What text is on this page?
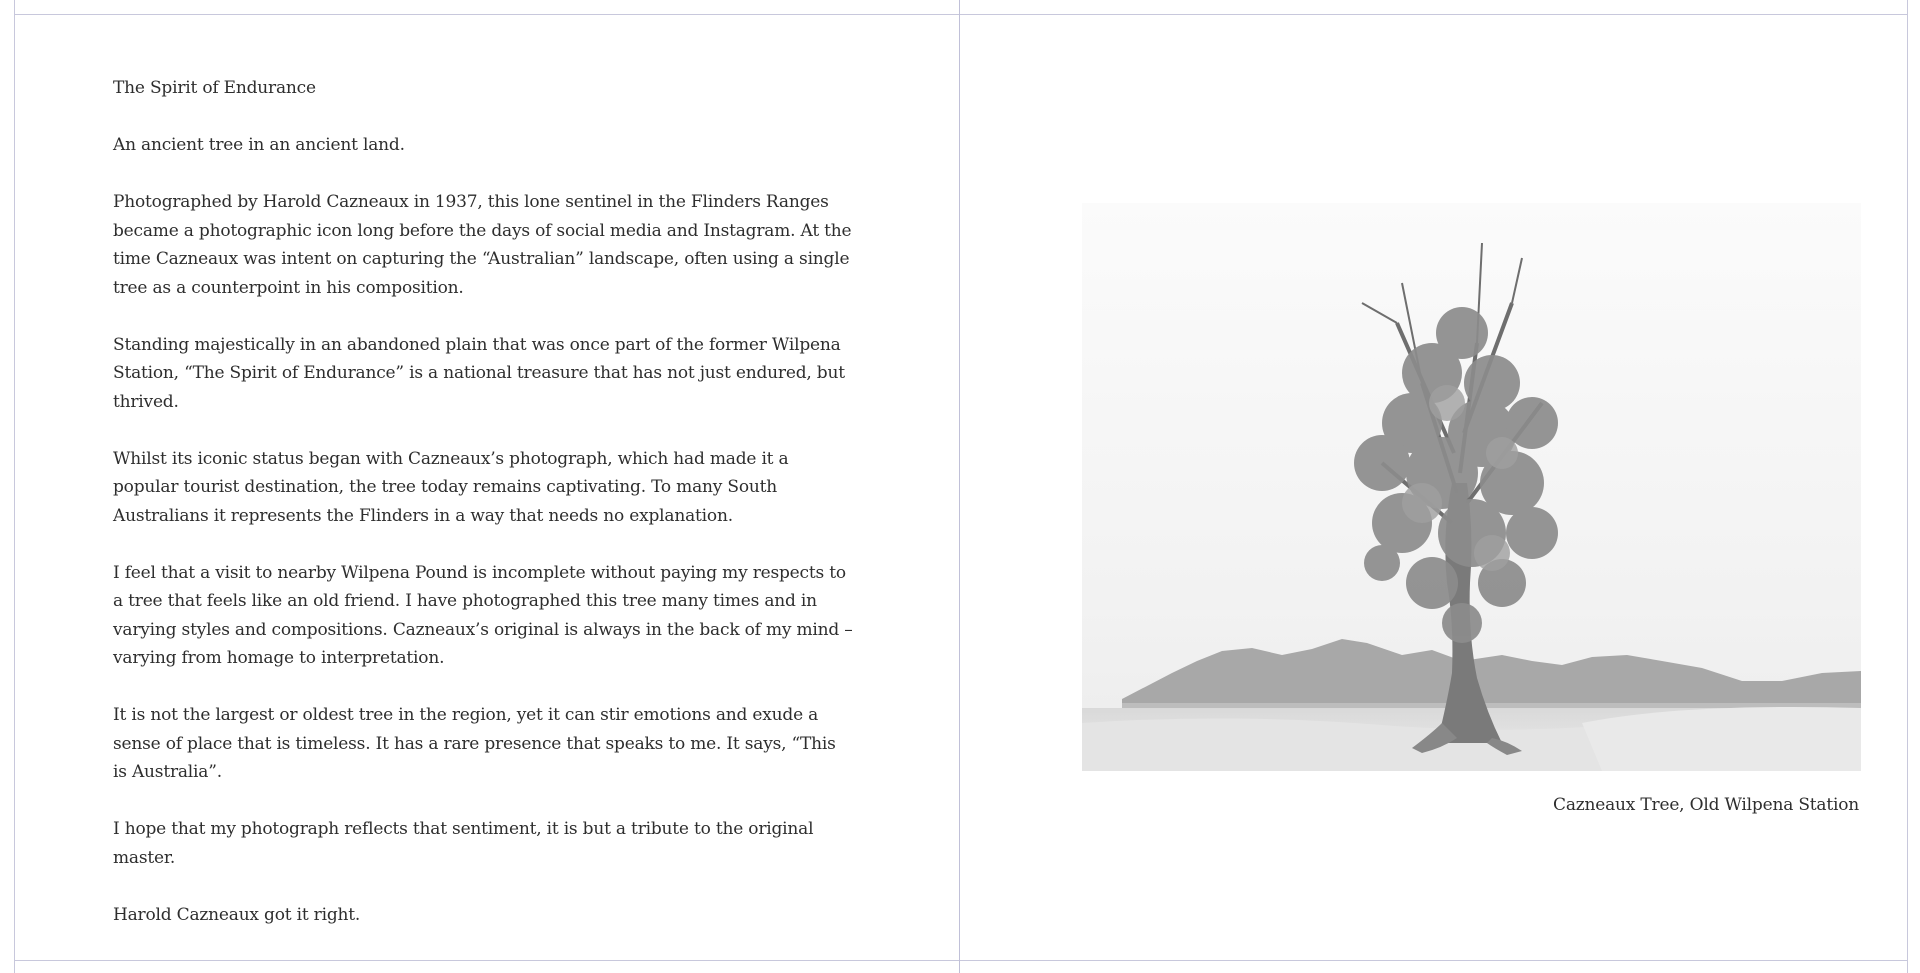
The Spirit of Endurance

An ancient tree in an ancient land.

Photographed by Harold Cazneaux in 1937, this lone sentinel in the Flinders Ranges became a photographic icon long before the days of social media and Instagram. At the time Cazneaux was intent on capturing the “Australian” landscape, often using a single tree as a counterpoint in his composition.

Standing majestically in an abandoned plain that was once part of the former Wilpena Station, “The Spirit of Endurance” is a national treasure that has not just endured, but thrived.

Whilst its iconic status began with Cazneaux’s photograph, which had made it a popular tourist destination, the tree today remains captivating. To many South Australians it represents the Flinders in a way that needs no explanation.

I feel that a visit to nearby Wilpena Pound is incomplete without paying my respects to a tree that feels like an old friend. I have photographed this tree many times and in varying styles and compositions. Cazneaux’s original is always in the back of my mind – varying from homage to interpretation.

It is not the largest or oldest tree in the region, yet it can stir emotions and exude a sense of place that is timeless. It has a rare presence that speaks to me. It says, “This is Australia”.

I hope that my photograph reflects that sentiment, it is but a tribute to the original master.

Harold Cazneaux got it right.

Cazneaux Tree, Old Wilpena Station
